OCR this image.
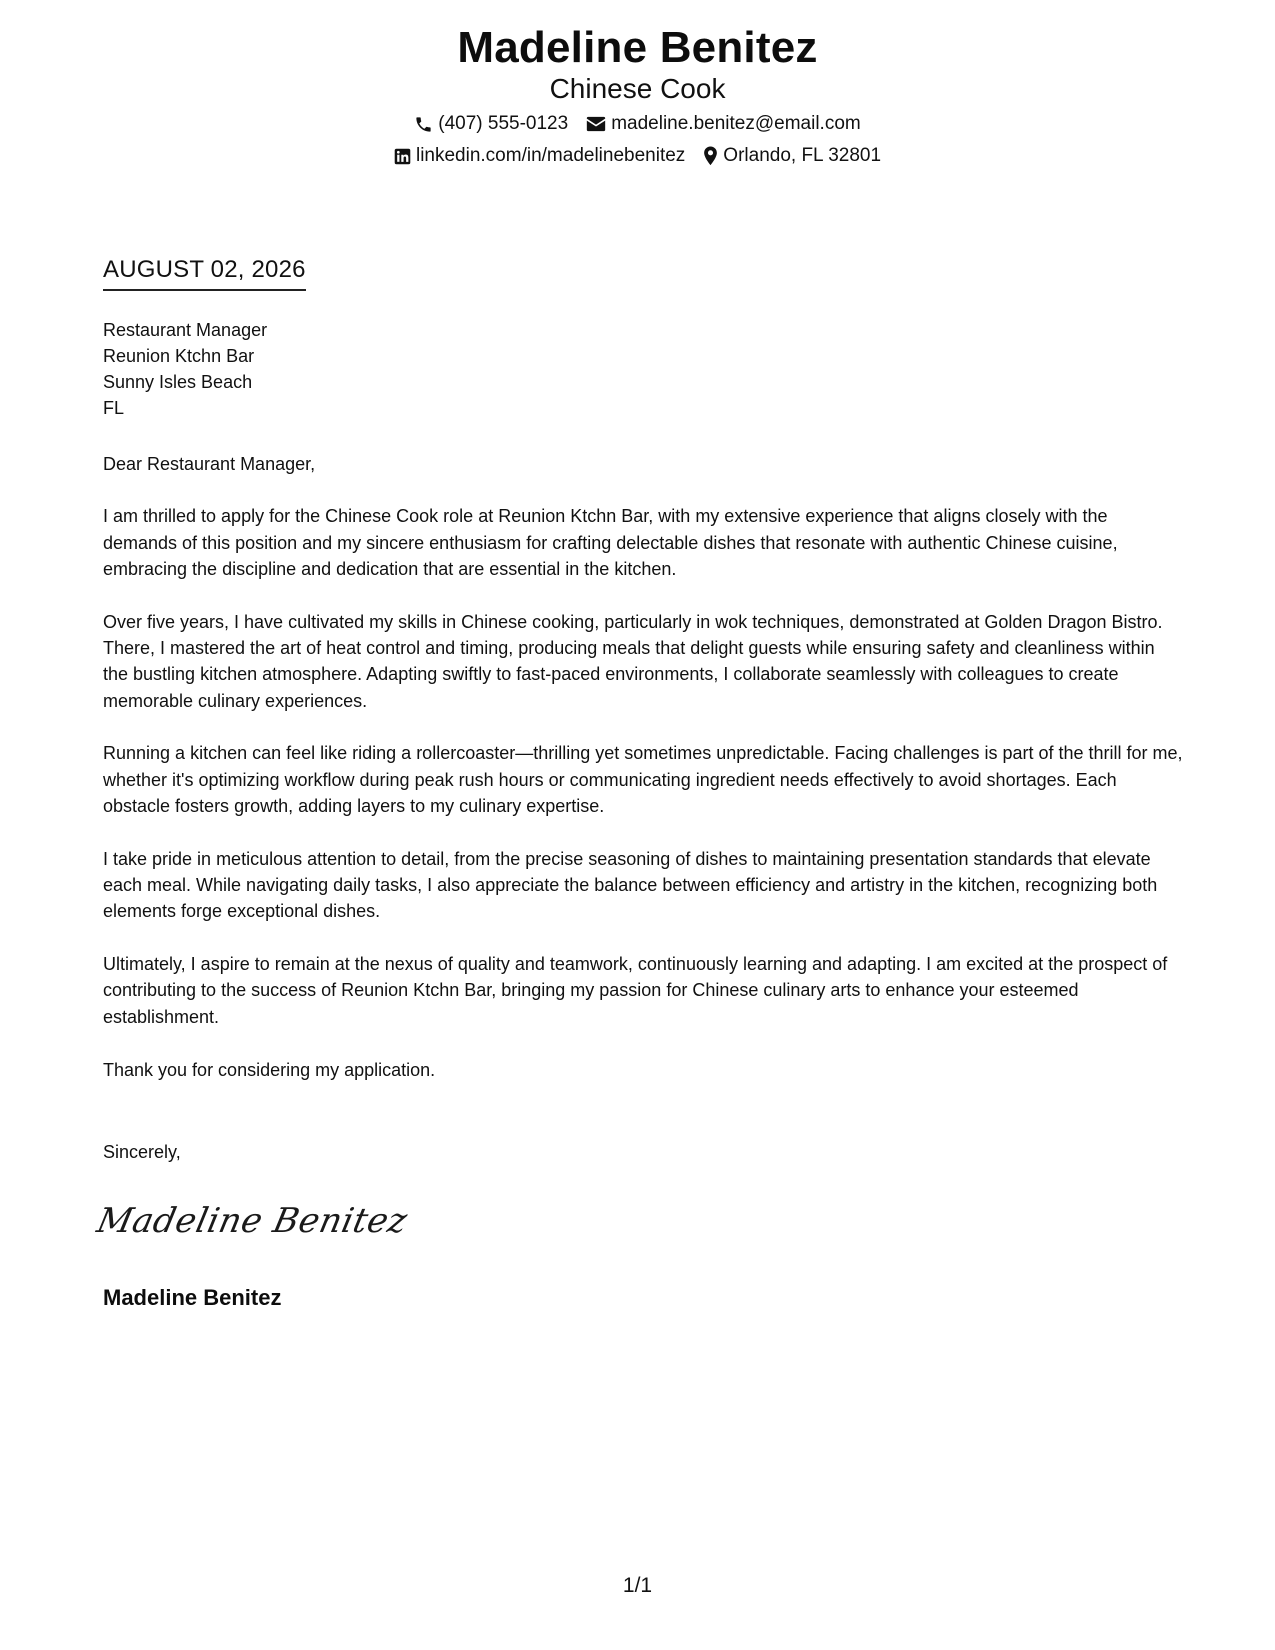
Madeline Benitez
Chinese Cook
(407) 555-0123 madeline.benitez@email.com
linkedin.com/in/madelinebenitez Orlando, FL 32801
AUGUST 02, 2026
Restaurant Manager
Reunion Ktchn Bar
Sunny Isles Beach
FL

Dear Restaurant Manager,

I am thrilled to apply for the Chinese Cook role at Reunion Ktchn Bar, with my extensive experience that aligns closely with the demands of this position and my sincere enthusiasm for crafting delectable dishes that resonate with authentic Chinese cuisine, embracing the discipline and dedication that are essential in the kitchen.

Over five years, I have cultivated my skills in Chinese cooking, particularly in wok techniques, demonstrated at Golden Dragon Bistro. There, I mastered the art of heat control and timing, producing meals that delight guests while ensuring safety and cleanliness within the bustling kitchen atmosphere. Adapting swiftly to fast-paced environments, I collaborate seamlessly with colleagues to create memorable culinary experiences.

Running a kitchen can feel like riding a rollercoaster—thrilling yet sometimes unpredictable. Facing challenges is part of the thrill for me, whether it's optimizing workflow during peak rush hours or communicating ingredient needs effectively to avoid shortages. Each obstacle fosters growth, adding layers to my culinary expertise.

I take pride in meticulous attention to detail, from the precise seasoning of dishes to maintaining presentation standards that elevate each meal. While navigating daily tasks, I also appreciate the balance between efficiency and artistry in the kitchen, recognizing both elements forge exceptional dishes.

Ultimately, I aspire to remain at the nexus of quality and teamwork, continuously learning and adapting. I am excited at the prospect of contributing to the success of Reunion Ktchn Bar, bringing my passion for Chinese culinary arts to enhance your esteemed establishment.

Thank you for considering my application.

Sincerely,
Madeline Benitez
Madeline Benitez
1/1
